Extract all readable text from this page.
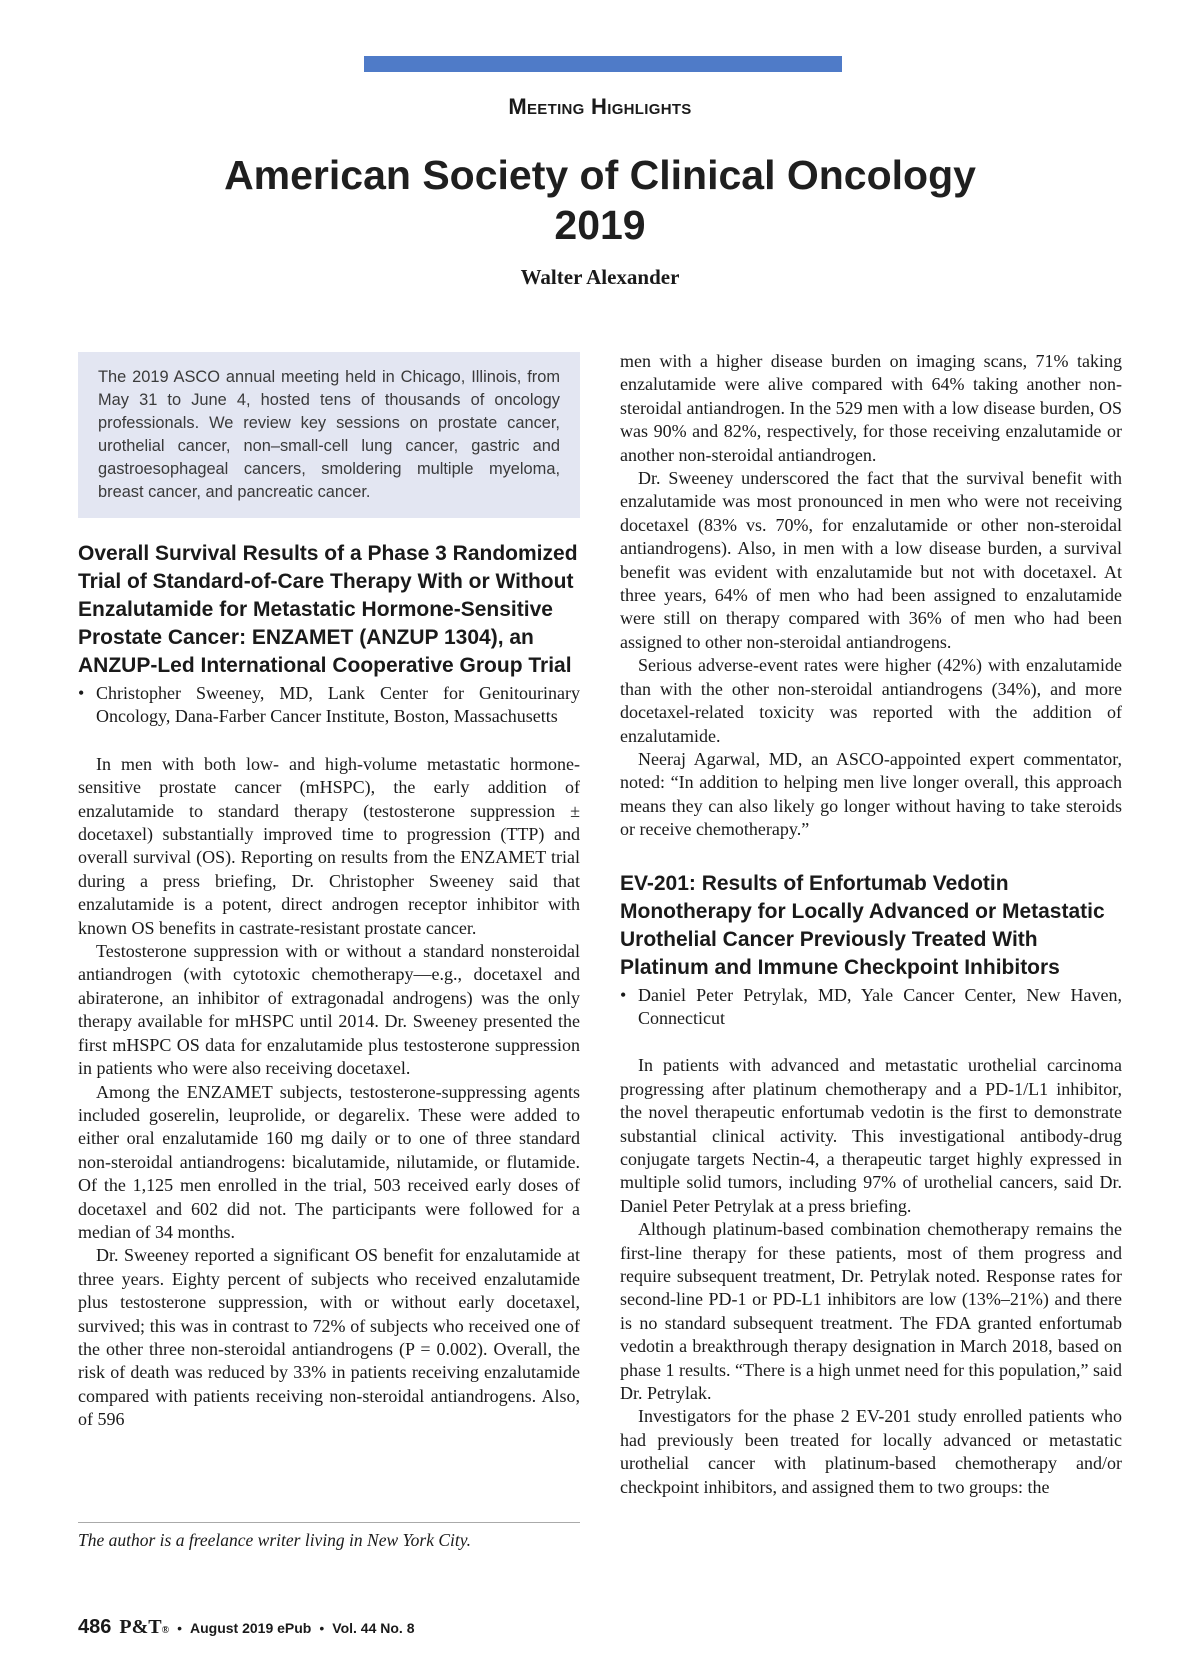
Meeting Highlights
American Society of Clinical Oncology
2019
Walter Alexander

The 2019 ASCO annual meeting held in Chicago, Illinois, from May 31 to June 4, hosted tens of thousands of oncology professionals. We review key sessions on prostate cancer, urothelial cancer, non–small-cell lung cancer, gastric and gastroesophageal cancers, smoldering multiple myeloma, breast cancer, and pancreatic cancer.

Overall Survival Results of a Phase 3 Randomized Trial of Standard-of-Care Therapy With or Without Enzalutamide for Metastatic Hormone-Sensitive Prostate Cancer: ENZAMET (ANZUP 1304), an ANZUP-Led International Cooperative Group Trial
• Christopher Sweeney, MD, Lank Center for Genitourinary Oncology, Dana-Farber Cancer Institute, Boston, Massachusetts

In men with both low- and high-volume metastatic hormone-sensitive prostate cancer (mHSPC), the early addition of enzalutamide to standard therapy (testosterone suppression ± docetaxel) substantially improved time to progression (TTP) and overall survival (OS). Reporting on results from the ENZAMET trial during a press briefing, Dr. Christopher Sweeney said that enzalutamide is a potent, direct androgen receptor inhibitor with known OS benefits in castrate-resistant prostate cancer.

Testosterone suppression with or without a standard nonsteroidal antiandrogen (with cytotoxic chemotherapy—e.g., docetaxel and abiraterone, an inhibitor of extragonadal androgens) was the only therapy available for mHSPC until 2014. Dr. Sweeney presented the first mHSPC OS data for enzalutamide plus testosterone suppression in patients who were also receiving docetaxel.

Among the ENZAMET subjects, testosterone-suppressing agents included goserelin, leuprolide, or degarelix. These were added to either oral enzalutamide 160 mg daily or to one of three standard non-steroidal antiandrogens: bicalutamide, nilutamide, or flutamide. Of the 1,125 men enrolled in the trial, 503 received early doses of docetaxel and 602 did not. The participants were followed for a median of 34 months.

Dr. Sweeney reported a significant OS benefit for enzalutamide at three years. Eighty percent of subjects who received enzalutamide plus testosterone suppression, with or without early docetaxel, survived; this was in contrast to 72% of subjects who received one of the other three non-steroidal antiandrogens (P = 0.002). Overall, the risk of death was reduced by 33% in patients receiving enzalutamide compared with patients receiving non-steroidal antiandrogens. Also, of 596

men with a higher disease burden on imaging scans, 71% taking enzalutamide were alive compared with 64% taking another non-steroidal antiandrogen. In the 529 men with a low disease burden, OS was 90% and 82%, respectively, for those receiving enzalutamide or another non-steroidal antiandrogen.

Dr. Sweeney underscored the fact that the survival benefit with enzalutamide was most pronounced in men who were not receiving docetaxel (83% vs. 70%, for enzalutamide or other non-steroidal antiandrogens). Also, in men with a low disease burden, a survival benefit was evident with enzalutamide but not with docetaxel. At three years, 64% of men who had been assigned to enzalutamide were still on therapy compared with 36% of men who had been assigned to other non-steroidal antiandrogens.

Serious adverse-event rates were higher (42%) with enzalutamide than with the other non-steroidal antiandrogens (34%), and more docetaxel-related toxicity was reported with the addition of enzalutamide.

Neeraj Agarwal, MD, an ASCO-appointed expert commentator, noted: “In addition to helping men live longer overall, this approach means they can also likely go longer without having to take steroids or receive chemotherapy.”

EV-201: Results of Enfortumab Vedotin Monotherapy for Locally Advanced or Metastatic Urothelial Cancer Previously Treated With Platinum and Immune Checkpoint Inhibitors
• Daniel Peter Petrylak, MD, Yale Cancer Center, New Haven, Connecticut

In patients with advanced and metastatic urothelial carcinoma progressing after platinum chemotherapy and a PD-1/L1 inhibitor, the novel therapeutic enfortumab vedotin is the first to demonstrate substantial clinical activity. This investigational antibody-drug conjugate targets Nectin-4, a therapeutic target highly expressed in multiple solid tumors, including 97% of urothelial cancers, said Dr. Daniel Peter Petrylak at a press briefing.

Although platinum-based combination chemotherapy remains the first-line therapy for these patients, most of them progress and require subsequent treatment, Dr. Petrylak noted. Response rates for second-line PD-1 or PD-L1 inhibitors are low (13%–21%) and there is no standard subsequent treatment. The FDA granted enfortumab vedotin a breakthrough therapy designation in March 2018, based on phase 1 results. “There is a high unmet need for this population,” said Dr. Petrylak.

Investigators for the phase 2 EV-201 study enrolled patients who had previously been treated for locally advanced or metastatic urothelial cancer with platinum-based chemotherapy and/or checkpoint inhibitors, and assigned them to two groups: the

The author is a freelance writer living in New York City.
486 P&T® • August 2019 ePub • Vol. 44 No. 8
